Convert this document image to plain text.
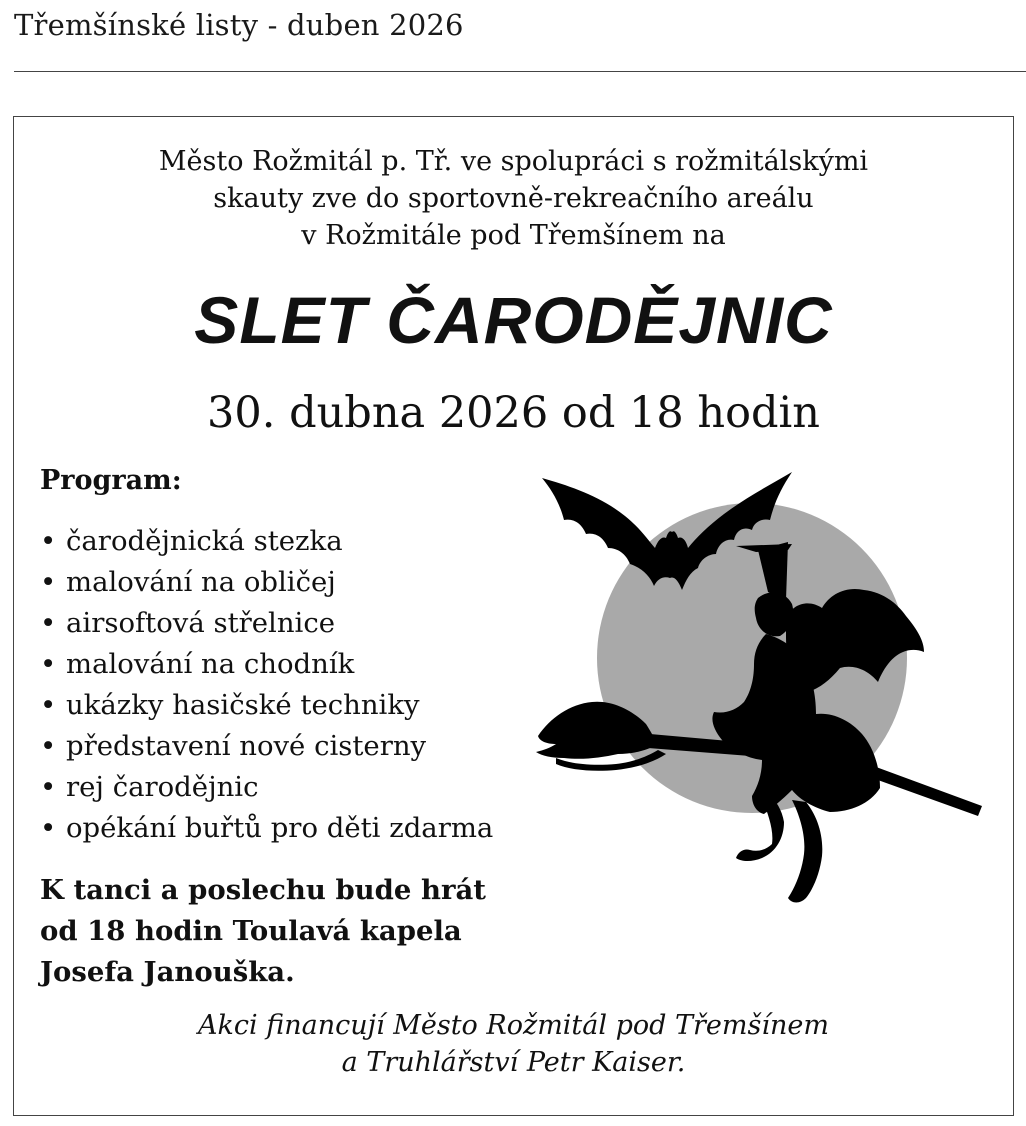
Třemšínské listy - duben 2026
Město Rožmitál p. Tř. ve spolupráci s rožmitálskými
skauty zve do sportovně-rekreačního areálu
v Rožmitále pod Třemšínem na
SLET ČARODĚJNIC
30. dubna 2026 od 18 hodin
Program:
• čarodějnická stezka
• malování na obličej
• airsoftová střelnice
• malování na chodník
• ukázky hasičské techniky
• představení nové cisterny
• rej čarodějnic
• opékání buřtů pro děti zdarma
K tanci a poslechu bude hrát
od 18 hodin Toulavá kapela
Josefa Janouška.
Akci financují Město Rožmitál pod Třemšínem
a Truhlářství Petr Kaiser.
